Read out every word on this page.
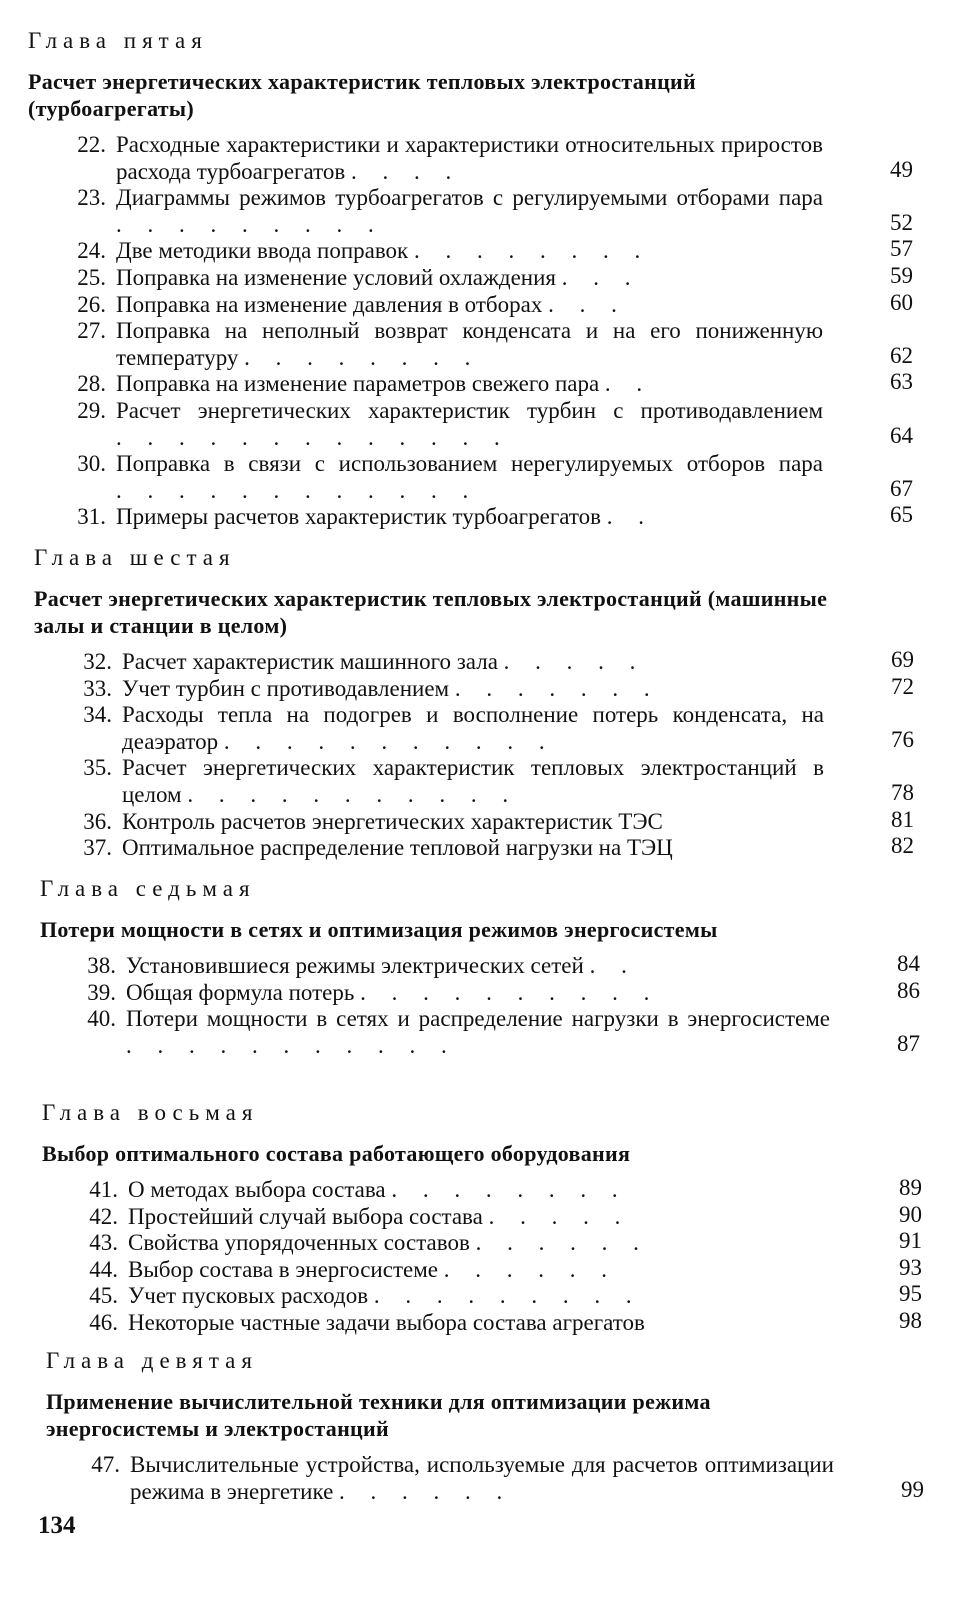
Глава пятая
Расчет энергетических характеристик тепловых электростанций (турбоагрегаты)
22. Расходные характеристики и характеристики относительных приростов расхода турбоагрегатов . . . .	49
23. Диаграммы режимов турбоагрегатов с регулируемыми отборами пара . . . . . . . . .	52
24. Две методики ввода поправок . . . . . . . .	57
25. Поправка на изменение условий охлаждения . . .	59
26. Поправка на изменение давления в отборах . . .	60
27. Поправка на неполный возврат конденсата и на его пониженную температуру . . . . . . . .	62
28. Поправка на изменение параметров свежего пара . .	63
29. Расчет энергетических характеристик турбин с противодавлением . . . . . . . . . . . . .	64
30. Поправка в связи с использованием нерегулируемых отборов пара . . . . . . . . . . . .	67
31. Примеры расчетов характеристик турбоагрегатов . .	65
Глава шестая
Расчет энергетических характеристик тепловых электростанций (машинные залы и станции в целом)
32. Расчет характеристик машинного зала . . . . .	69
33. Учет турбин с противодавлением . . . . . . .	72
34. Расходы тепла на подогрев и восполнение потерь конденсата, на деаэратор . . . . . . . . . . .	76
35. Расчет энергетических характеристик тепловых электростанций в целом . . . . . . . . . . .	78
36. Контроль расчетов энергетических характеристик ТЭС	81
37. Оптимальное распределение тепловой нагрузки на ТЭЦ	82
Глава седьмая
Потери мощности в сетях и оптимизация режимов энергосистемы
38. Установившиеся режимы электрических сетей . .	84
39. Общая формула потерь . . . . . . . . . .	86
40. Потери мощности в сетях и распределение нагрузки в энергосистеме . . . . . . . . . . .	87
Глава восьмая
Выбор оптимального состава работающего оборудования
41. О методах выбора состава . . . . . . . .	89
42. Простейший случай выбора состава . . . . .	90
43. Свойства упорядоченных составов . . . . . .	91
44. Выбор состава в энергосистеме . . . . . .	93
45. Учет пусковых расходов . . . . . . . . .	95
46. Некоторые частные задачи выбора состава агрегатов	98
Глава девятая
Применение вычислительной техники для оптимизации режима энергосистемы и электростанций
47. Вычислительные устройства, используемые для расчетов оптимизации режима в энергетике . . . . . .	99
134
